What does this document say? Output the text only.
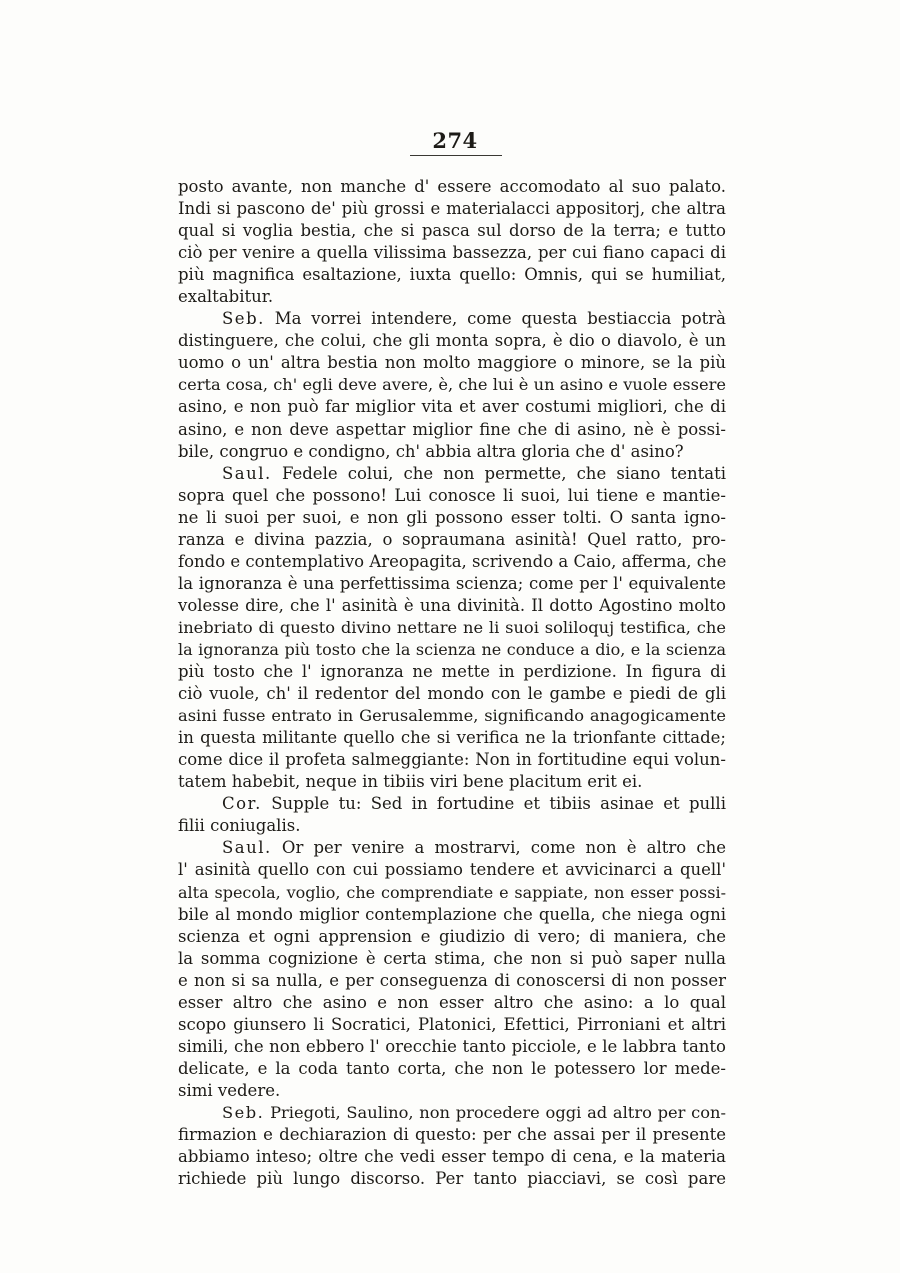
274
posto avante, non manche d' essere accomodato al suo palato.
Indi si pascono de' più grossi e materialacci appositorj, che altra
qual si voglia bestia, che si pasca sul dorso de la terra; e tutto
ciò per venire a quella vilissima bassezza, per cui fiano capaci di
più magnifica esaltazione, iuxta quello: Omnis, qui se humiliat,
exaltabitur.
Seb. Ma vorrei intendere, come questa bestiaccia potrà
distinguere, che colui, che gli monta sopra, è dio o diavolo, è un
uomo o un' altra bestia non molto maggiore o minore, se la più
certa cosa, ch' egli deve avere, è, che lui è un asino e vuole essere
asino, e non può far miglior vita et aver costumi migliori, che di
asino, e non deve aspettar miglior fine che di asino, nè è possi-
bile, congruo e condigno, ch' abbia altra gloria che d' asino?
Saul. Fedele colui, che non permette, che siano tentati
sopra quel che possono! Lui conosce li suoi, lui tiene e mantie-
ne li suoi per suoi, e non gli possono esser tolti. O santa igno-
ranza e divina pazzia, o sopraumana asinità! Quel ratto, pro-
fondo e contemplativo Areopagita, scrivendo a Caio, afferma, che
la ignoranza è una perfettissima scienza; come per l' equivalente
volesse dire, che l' asinità è una divinità. Il dotto Agostino molto
inebriato di questo divino nettare ne li suoi soliloquj testifica, che
la ignoranza più tosto che la scienza ne conduce a dio, e la scienza
più tosto che l' ignoranza ne mette in perdizione. In figura di
ciò vuole, ch' il redentor del mondo con le gambe e piedi de gli
asini fusse entrato in Gerusalemme, significando anagogicamente
in questa militante quello che si verifica ne la trionfante cittade;
come dice il profeta salmeggiante: Non in fortitudine equi volun-
tatem habebit, neque in tibiis viri bene placitum erit ei.
Cor. Supple tu: Sed in fortudine et tibiis asinae et pulli
filii coniugalis.
Saul. Or per venire a mostrarvi, come non è altro che
l' asinità quello con cui possiamo tendere et avvicinarci a quell'
alta specola, voglio, che comprendiate e sappiate, non esser possi-
bile al mondo miglior contemplazione che quella, che niega ogni
scienza et ogni apprension e giudizio di vero; di maniera, che
la somma cognizione è certa stima, che non si può saper nulla
e non si sa nulla, e per conseguenza di conoscersi di non posser
esser altro che asino e non esser altro che asino: a lo qual
scopo giunsero li Socratici, Platonici, Efettici, Pirroniani et altri
simili, che non ebbero l' orecchie tanto picciole, e le labbra tanto
delicate, e la coda tanto corta, che non le potessero lor mede-
simi vedere.
Seb. Priegoti, Saulino, non procedere oggi ad altro per con-
firmazion e dechiarazion di questo: per che assai per il presente
abbiamo inteso; oltre che vedi esser tempo di cena, e la materia
richiede più lungo discorso. Per tanto piacciavi, se così pare
